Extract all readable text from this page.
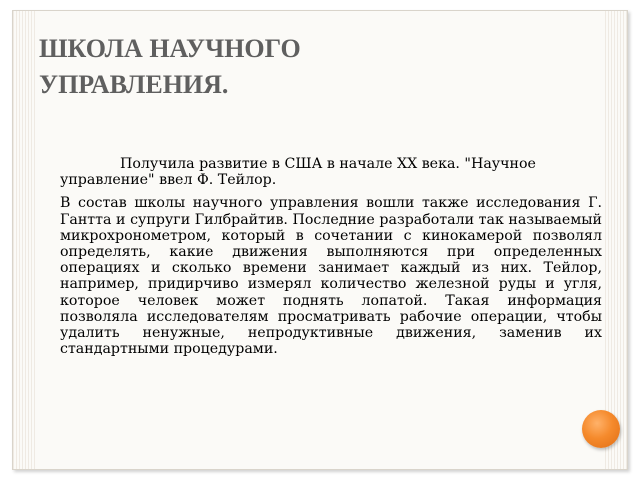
ШКОЛА НАУЧНОГО
УПРАВЛЕНИЯ.

Получила развитие в США в начале XX века. "Научное управление" ввел Ф. Тейлор.

В состав школы научного управления вошли также исследования Г. Гантта и супруги Гилбрайтив. Последние разработали так называемый микрохронометром, который в сочетании с кинокамерой позволял определять, какие движения выполняются при определенных операциях и сколько времени занимает каждый из них. Тейлор, например, придирчиво измерял количество железной руды и угля, которое человек может поднять лопатой. Такая информация позволяла исследователям просматривать рабочие операции, чтобы удалить ненужные, непродуктивные движения, заменив их стандартными процедурами.
